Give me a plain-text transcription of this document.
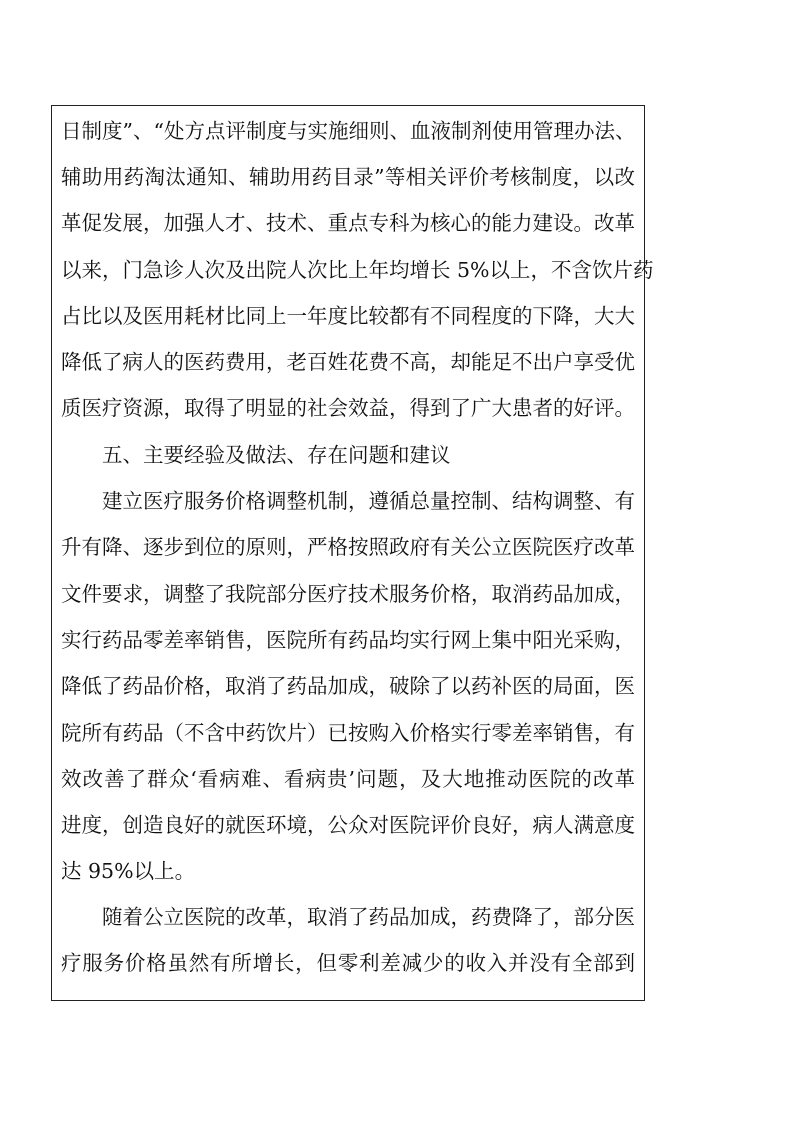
日制度”、“处方点评制度与实施细则、血液制剂使用管理办法、
辅助用药淘汰通知、辅助用药目录”等相关评价考核制度，以改
革促发展，加强人才、技术、重点专科为核心的能力建设。改革
以来，门急诊人次及出院人次比上年均增长 5%以上，不含饮片药
占比以及医用耗材比同上一年度比较都有不同程度的下降，大大
降低了病人的医药费用，老百姓花费不高，却能足不出户享受优
质医疗资源，取得了明显的社会效益，得到了广大患者的好评。
五、主要经验及做法、存在问题和建议
建立医疗服务价格调整机制，遵循总量控制、结构调整、有
升有降、逐步到位的原则，严格按照政府有关公立医院医疗改革
文件要求，调整了我院部分医疗技术服务价格，取消药品加成，
实行药品零差率销售，医院所有药品均实行网上集中阳光采购，
降低了药品价格，取消了药品加成，破除了以药补医的局面，医
院所有药品（不含中药饮片）已按购入价格实行零差率销售，有
效改善了群众‘看病难、看病贵’问题，及大地推动医院的改革
进度，创造良好的就医环境，公众对医院评价良好，病人满意度
达 95%以上。
随着公立医院的改革，取消了药品加成，药费降了，部分医
疗服务价格虽然有所增长，但零利差减少的收入并没有全部到
